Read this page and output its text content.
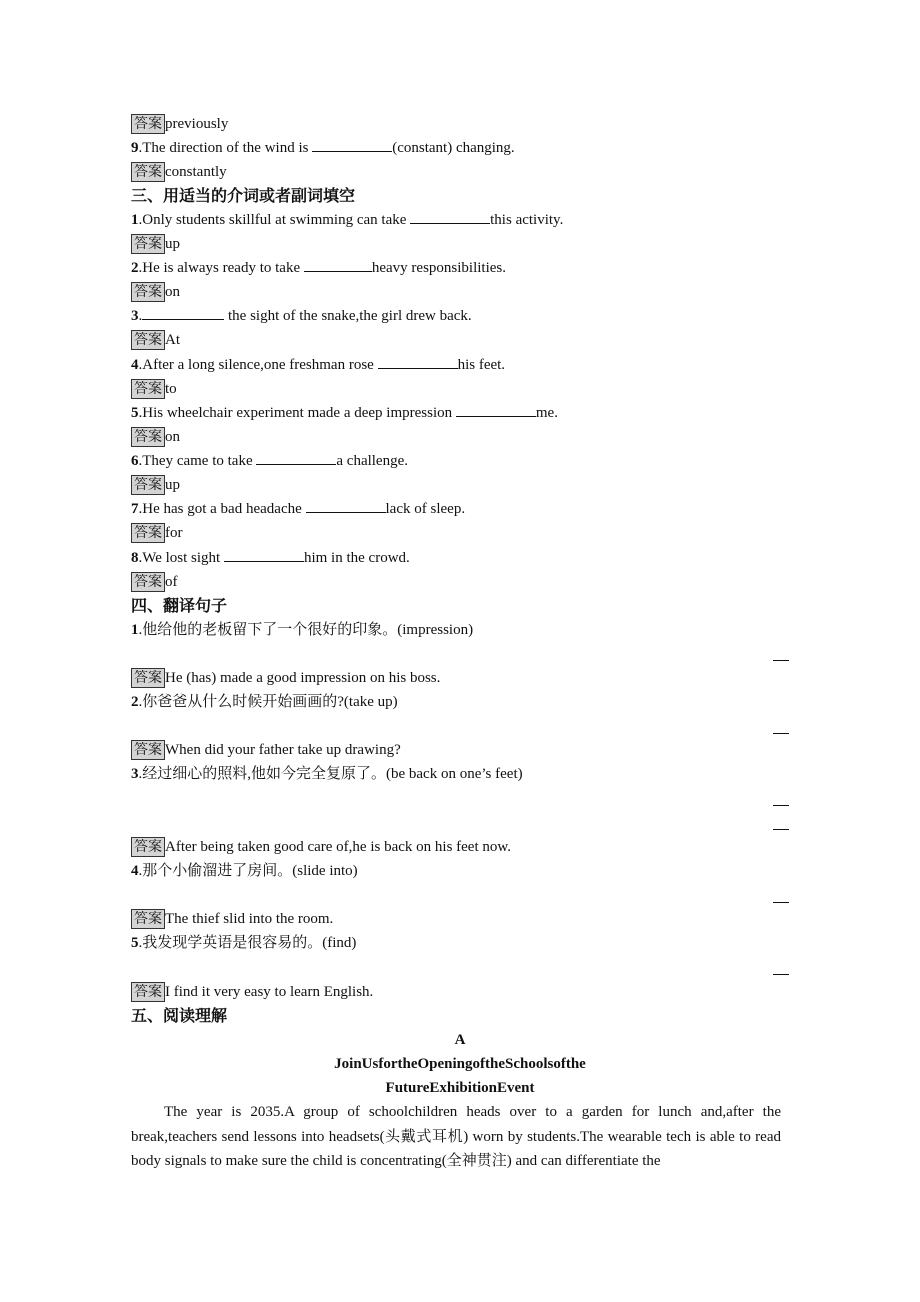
答案 previously
9.The direction of the wind is	(constant) changing.
答案 constantly
三、用适当的介词或者副词填空
1.Only students skillful at swimming can take	this activity.
答案 up
2.He is always ready to take	heavy responsibilities.
答案 on
3.	the sight of the snake,the girl drew back.
答案 At
4.After a long silence,one freshman rose	his feet.
答案 to
5.His wheelchair experiment made a deep impression	me.
答案 on
6.They came to take	a challenge.
答案 up
7.He has got a bad headache	lack of sleep.
答案 for
8.We lost sight	him in the crowd.
答案 of
四、翻译句子
1.他给他的老板留下了一个很好的印象。(impression)
答案 He (has) made a good impression on his boss.
2.你爸爸从什么时候开始画画的?(take up)
答案 When did your father take up drawing?
3.经过细心的照料,他如今完全复原了。(be back on one’s feet)
答案 After being taken good care of,he is back on his feet now.
4.那个小偷溜进了房间。(slide into)
答案 The thief slid into the room.
5.我发现学英语是很容易的。(find)
答案 I find it very easy to learn English.
五、阅读理解
A
JoinUsfortheOpeningoftheSchoolsofthe
FutureExhibitionEvent
The year is 2035.A group of schoolchildren heads over to a garden for lunch and,after the break,teachers send lessons into headsets(头戴式耳机) worn by students.The wearable tech is able to read body signals to make sure the child is concentrating(全神贯注) and can differentiate the
